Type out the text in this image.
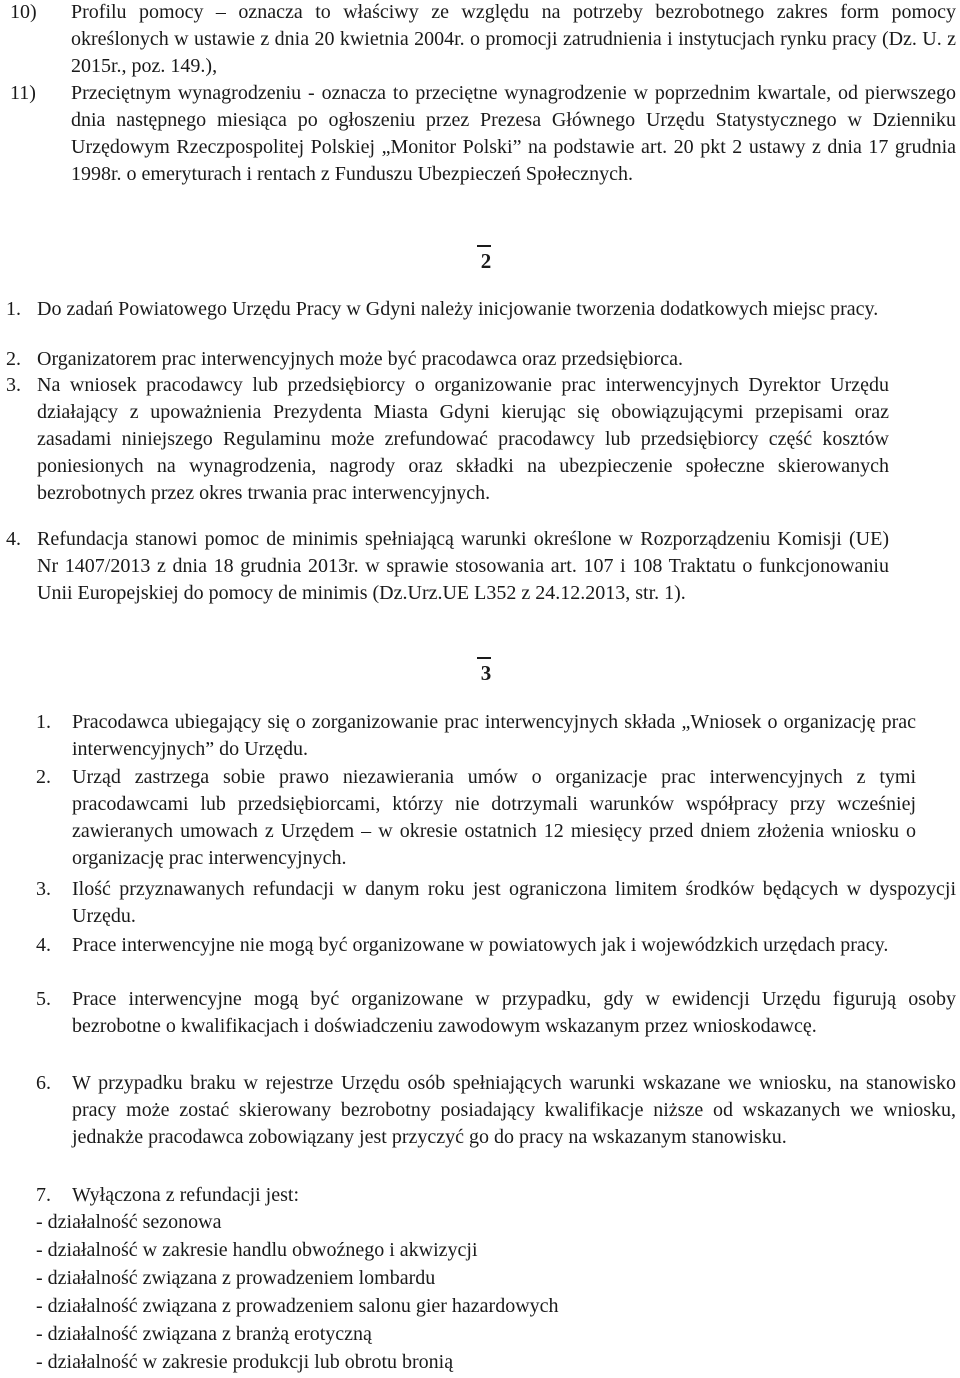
10) Profilu pomocy – oznacza to właściwy ze względu na potrzeby bezrobotnego zakres form pomocy określonych w ustawie z dnia 20 kwietnia 2004r. o promocji zatrudnienia i instytucjach rynku pracy (Dz. U. z 2015r., poz. 149.),
11) Przeciętnym wynagrodzeniu - oznacza to przeciętne wynagrodzenie w poprzednim kwartale, od pierwszego dnia następnego miesiąca po ogłoszeniu przez Prezesa Głównego Urzędu Statystycznego w Dzienniku Urzędowym Rzeczpospolitej Polskiej „Monitor Polski” na podstawie art. 20 pkt 2 ustawy z dnia 17 grudnia 1998r. o emeryturach i rentach z Funduszu Ubezpieczeń Społecznych.
2
1. Do zadań Powiatowego Urzędu Pracy w Gdyni należy inicjowanie tworzenia dodatkowych miejsc pracy.
2. Organizatorem prac interwencyjnych może być pracodawca oraz przedsiębiorca.
3. Na wniosek pracodawcy lub przedsiębiorcy o organizowanie prac interwencyjnych Dyrektor Urzędu działający z upoważnienia Prezydenta Miasta Gdyni kierując się obowiązującymi przepisami oraz zasadami niniejszego Regulaminu może zrefundować pracodawcy lub przedsiębiorcy część kosztów poniesionych na wynagrodzenia, nagrody oraz składki na ubezpieczenie społeczne skierowanych bezrobotnych przez okres trwania prac interwencyjnych.
4. Refundacja stanowi pomoc de minimis spełniającą warunki określone w Rozporządzeniu Komisji (UE) Nr 1407/2013 z dnia 18 grudnia 2013r. w sprawie stosowania art. 107 i 108 Traktatu o funkcjonowaniu Unii Europejskiej do pomocy de minimis (Dz.Urz.UE L352 z 24.12.2013, str. 1).
3
1. Pracodawca ubiegający się o zorganizowanie prac interwencyjnych składa „Wniosek o organizację prac interwencyjnych” do Urzędu.
2. Urząd zastrzega sobie prawo niezawierania umów o organizacje prac interwencyjnych z tymi pracodawcami lub przedsiębiorcami, którzy nie dotrzymali warunków współpracy przy wcześniej zawieranych umowach z Urzędem – w okresie ostatnich 12 miesięcy przed dniem złożenia wniosku o organizację prac interwencyjnych.
3. Ilość przyznawanych refundacji w danym roku jest ograniczona limitem środków będących w dyspozycji Urzędu.
4. Prace interwencyjne nie mogą być organizowane w powiatowych jak i wojewódzkich urzędach pracy.
5. Prace interwencyjne mogą być organizowane w przypadku, gdy w ewidencji Urzędu figurują osoby bezrobotne o kwalifikacjach i doświadczeniu zawodowym wskazanym przez wnioskodawcę.
6. W przypadku braku w rejestrze Urzędu osób spełniających warunki wskazane we wniosku, na stanowisko pracy może zostać skierowany bezrobotny posiadający kwalifikacje niższe od wskazanych we wniosku, jednakże pracodawca zobowiązany jest przyczyć go do pracy na wskazanym stanowisku.
7. Wyłączona z refundacji jest:
- działalność sezonowa
- działalność w zakresie handlu obwoźnego i akwizycji
- działalność związana z prowadzeniem lombardu
- działalność związana z prowadzeniem salonu gier hazardowych
- działalność związana z branżą erotyczną
- działalność w zakresie produkcji lub obrotu bronią
